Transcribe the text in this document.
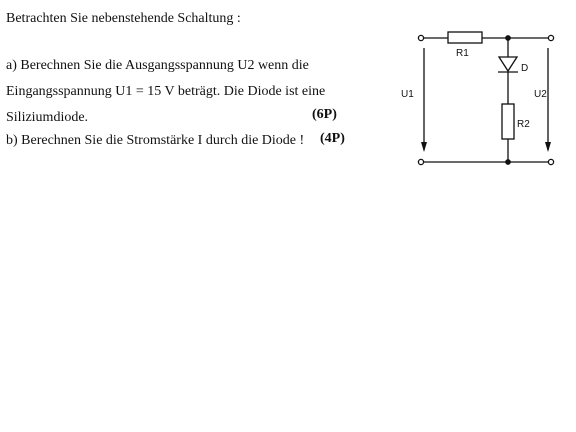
Betrachten Sie nebenstehende Schaltung :
a) Berechnen Sie die Ausgangsspannung U2 wenn die
Eingangsspannung U1 = 15 V beträgt. Die Diode ist eine
Siliziumdiode.	(6P)
b) Berechnen Sie die Stromstärke I durch die Diode ! (4P)
R1
D
R2
U1	U2
